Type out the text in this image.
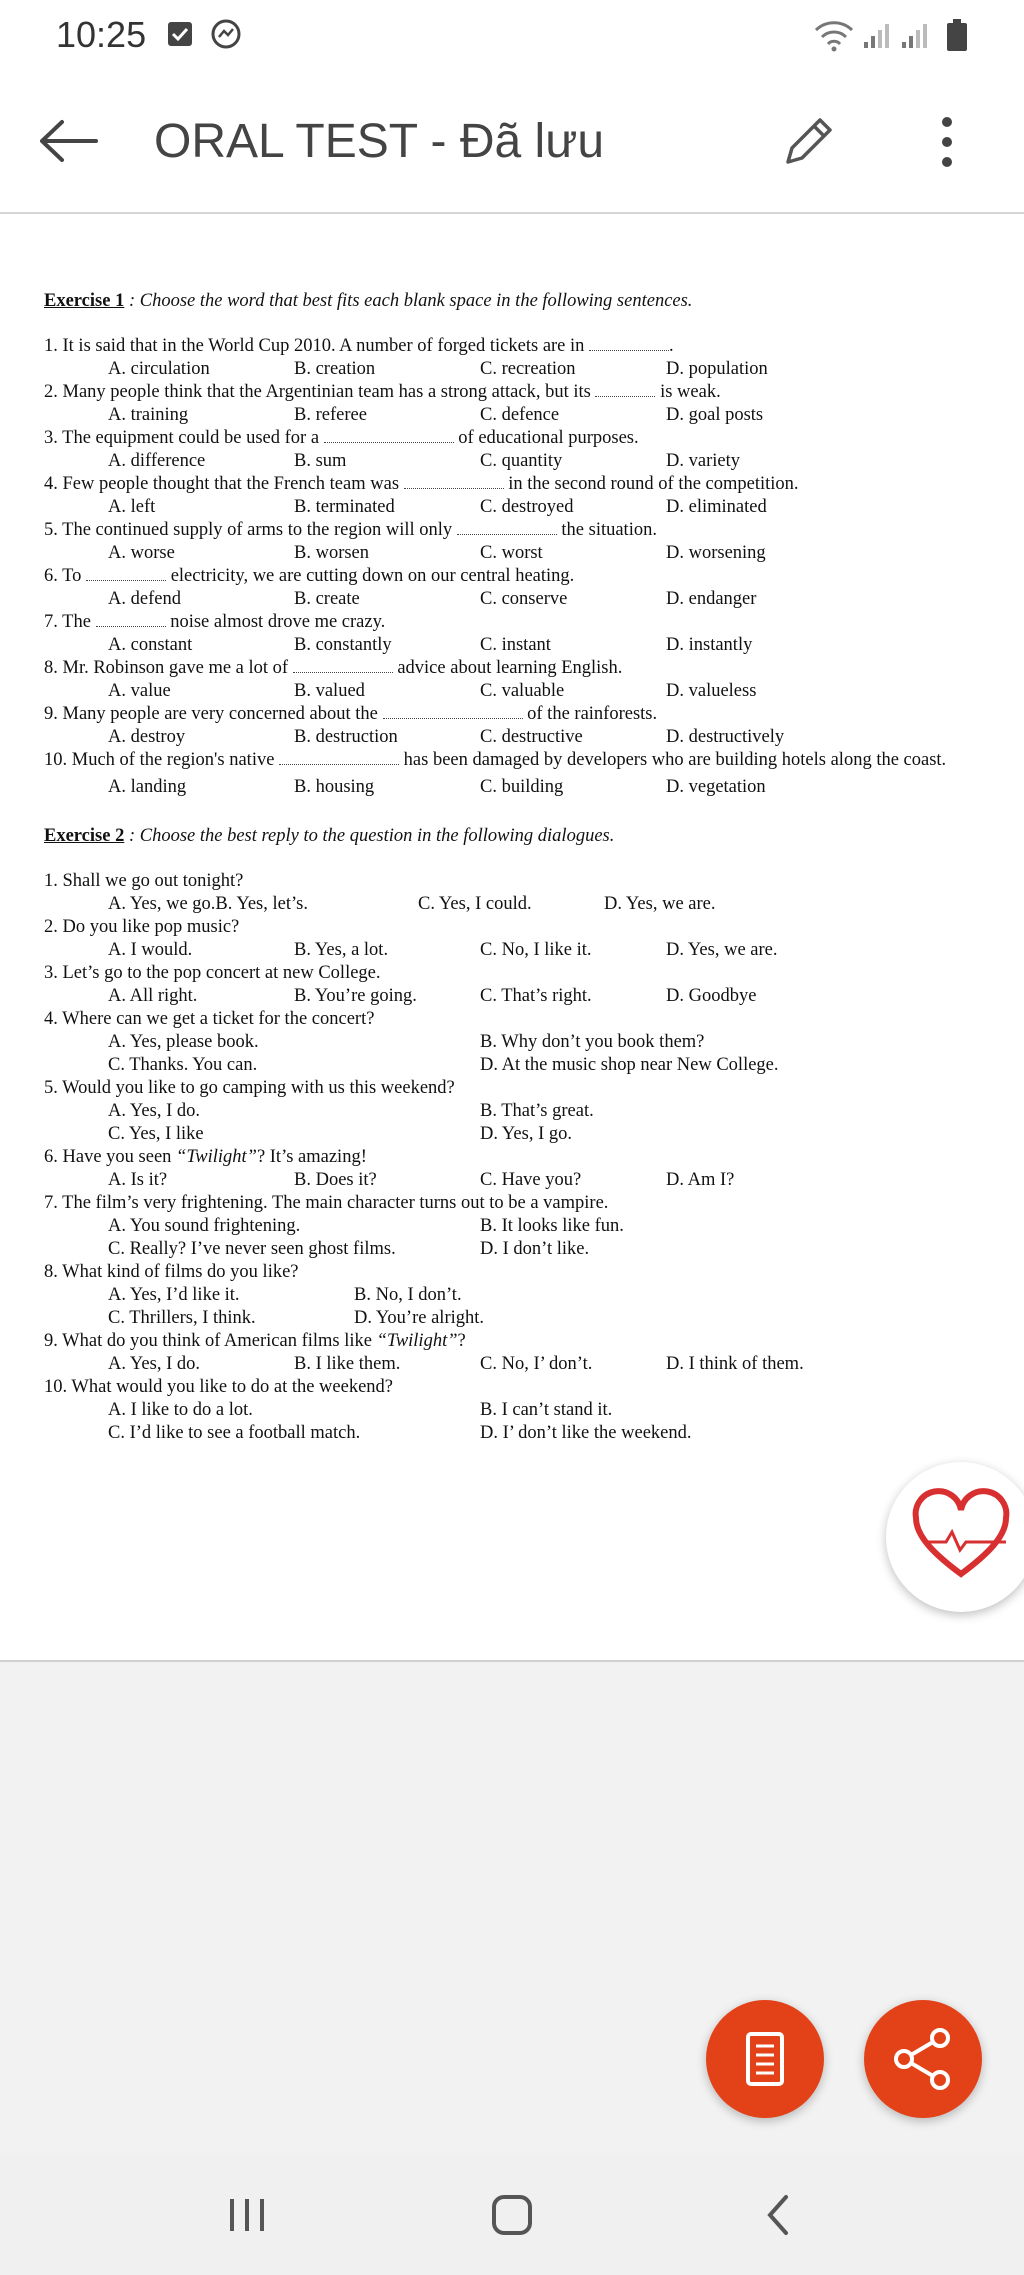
10:25
ORAL TEST - Đã lưu
Exercise 1 : Choose the word that best fits each blank space in the following sentences.
1. It is said that in the World Cup 2010. A number of forged tickets are in	.
A. circulation	B. creation	C. recreation	D. population
2. Many people think that the Argentinian team has a strong attack, but its	is weak.
A. training	B. referee	C. defence	D. goal posts
3. The equipment could be used for a	of educational purposes.
A. difference	B. sum	C. quantity	D. variety
4. Few people thought that the French team was	in the second round of the competition.
A. left	B. terminated	C. destroyed	D. eliminated
5. The continued supply of arms to the region will only	the situation.
A. worse	B. worsen	C. worst	D. worsening
6. To	electricity, we are cutting down on our central heating.
A. defend	B. create	C. conserve	D. endanger
7. The	noise almost drove me crazy.
A. constant	B. constantly	C. instant	D. instantly
8. Mr. Robinson gave me a lot of	advice about learning English.
A. value	B. valued	C. valuable	D. valueless
9. Many people are very concerned about the	of the rainforests.
A. destroy	B. destruction	C. destructive	D. destructively
10. Much of the region's native	has been damaged by developers who are building hotels along the coast.
A. landing	B. housing	C. building	D. vegetation
Exercise 2 : Choose the best reply to the question in the following dialogues.
1. Shall we go out tonight?
A. Yes, we go.B. Yes, let’s.	C. Yes, I could.	D. Yes, we are.
2. Do you like pop music?
A. I would.	B. Yes, a lot.	C. No, I like it.	D. Yes, we are.
3. Let’s go to the pop concert at new College.
A. All right.	B. You’re going.	C. That’s right.	D. Goodbye
4. Where can we get a ticket for the concert?
A. Yes, please book.	B. Why don’t you book them?
C. Thanks. You can.	D. At the music shop near New College.
5. Would you like to go camping with us this weekend?
A. Yes, I do.	B. That’s great.
C. Yes, I like	D. Yes, I go.
6. Have you seen “Twilight”? It’s amazing!
A. Is it?	B. Does it?	C. Have you?	D. Am I?
7. The film’s very frightening. The main character turns out to be a vampire.
A. You sound frightening.	B. It looks like fun.
C. Really? I’ve never seen ghost films.	D. I don’t like.
8. What kind of films do you like?
A. Yes, I’d like it.	B. No, I don’t.
C. Thrillers, I think.	D. You’re alright.
9. What do you think of American films like “Twilight”?
A. Yes, I do.	B. I like them.	C. No, I’ don’t.	D. I think of them.
10. What would you like to do at the weekend?
A. I like to do a lot.	B. I can’t stand it.
C. I’d like to see a football match.	D. I’ don’t like the weekend.
